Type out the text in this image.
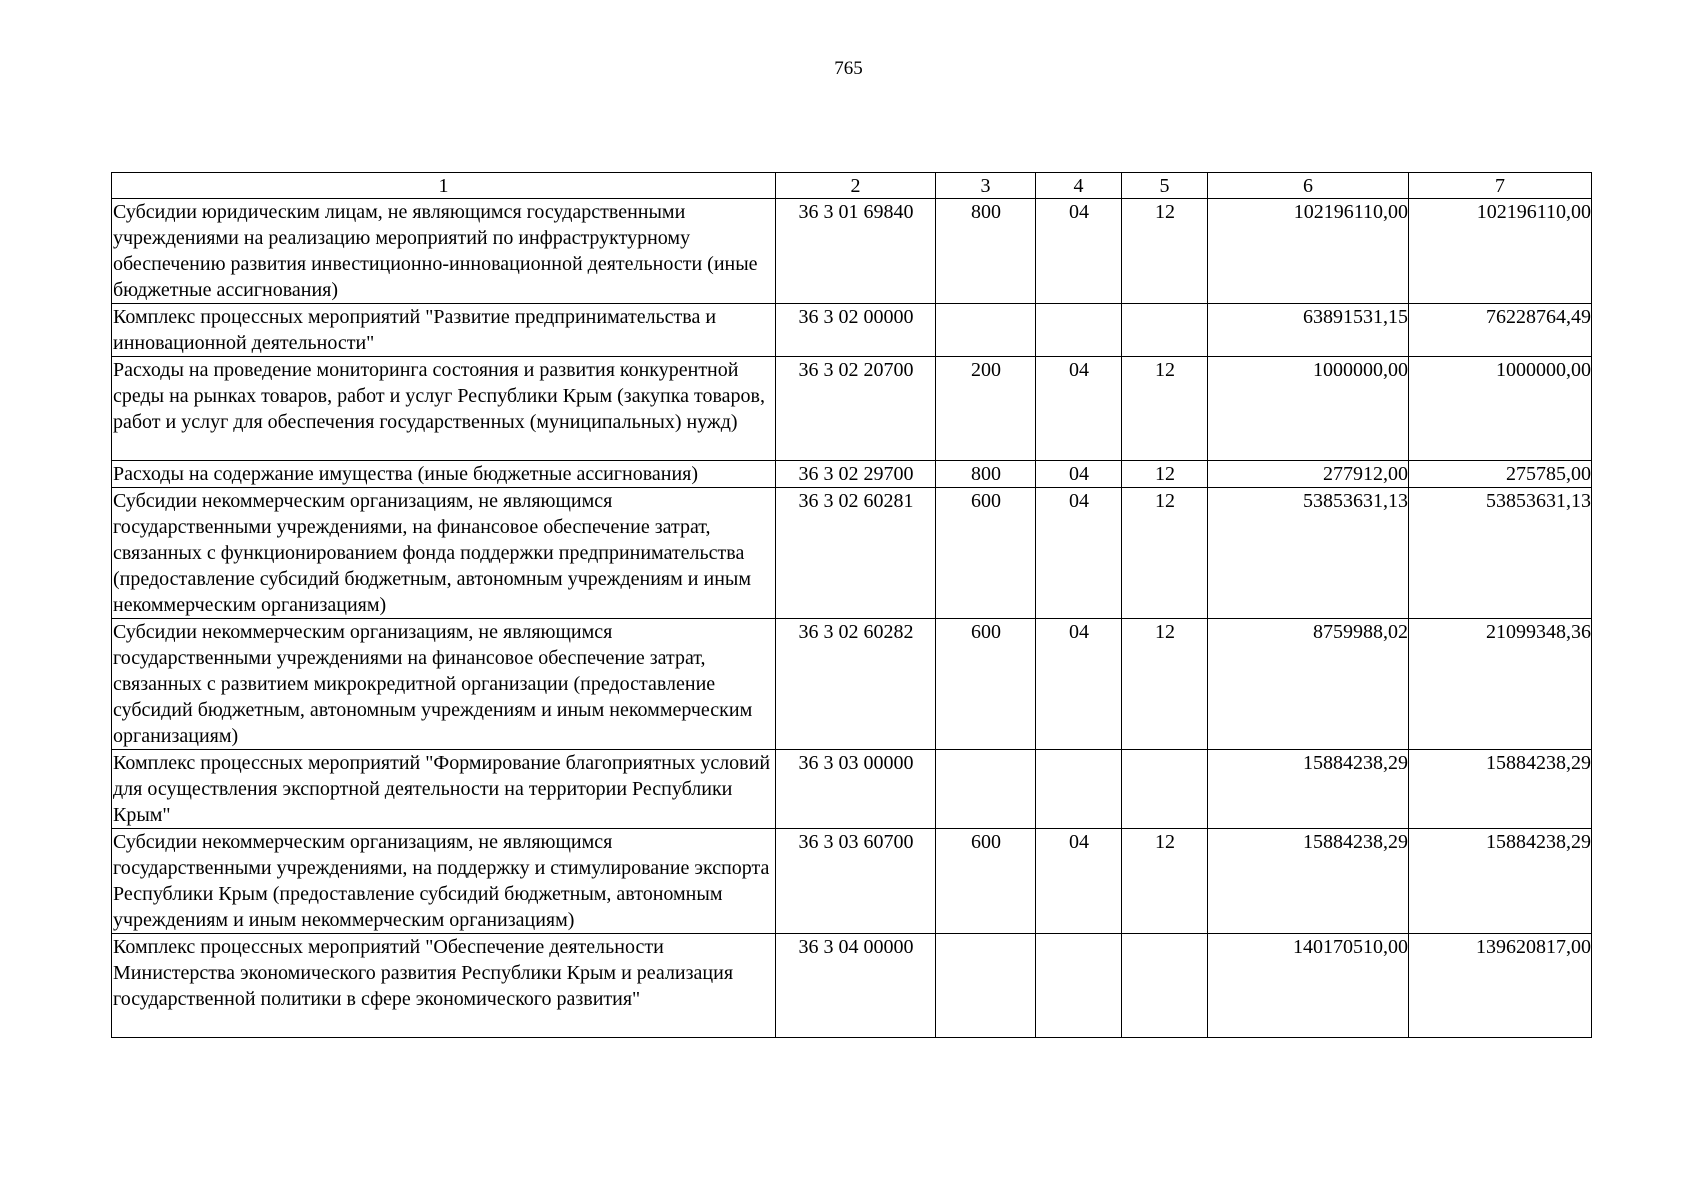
765
1	2	3	4	5	6	7
Субсидии юридическим лицам, не являющимся государственными учреждениями на реализацию мероприятий по инфраструктурному обеспечению развития инвестиционно-инновационной деятельности (иные бюджетные ассигнования)	36 3 01 69840	800	04	12	102196110,00	102196110,00
Комплекс процессных мероприятий "Развитие предпринимательства и инновационной деятельности"	36 3 02 00000				63891531,15	76228764,49
Расходы на проведение мониторинга состояния и развития конкурентной среды на рынках товаров, работ и услуг Республики Крым (закупка товаров, работ и услуг для обеспечения государственных (муниципальных) нужд)	36 3 02 20700	200	04	12	1000000,00	1000000,00
Расходы на содержание имущества (иные бюджетные ассигнования)	36 3 02 29700	800	04	12	277912,00	275785,00
Субсидии некоммерческим организациям, не являющимся государственными учреждениями, на финансовое обеспечение затрат, связанных с функционированием фонда поддержки предпринимательства (предоставление субсидий бюджетным, автономным учреждениям и иным некоммерческим организациям)	36 3 02 60281	600	04	12	53853631,13	53853631,13
Субсидии некоммерческим организациям, не являющимся государственными учреждениями на финансовое обеспечение затрат, связанных с развитием микрокредитной организации (предоставление субсидий бюджетным, автономным учреждениям и иным некоммерческим организациям)	36 3 02 60282	600	04	12	8759988,02	21099348,36
Комплекс процессных мероприятий "Формирование благоприятных условий для осуществления экспортной деятельности на территории Республики Крым"	36 3 03 00000				15884238,29	15884238,29
Субсидии некоммерческим организациям, не являющимся государственными учреждениями, на поддержку и стимулирование экспорта Республики Крым (предоставление субсидий бюджетным, автономным учреждениям и иным некоммерческим организациям)	36 3 03 60700	600	04	12	15884238,29	15884238,29
Комплекс процессных мероприятий "Обеспечение деятельности Министерства экономического развития Республики Крым и реализация государственной политики в сфере экономического развития"	36 3 04 00000				140170510,00	139620817,00
